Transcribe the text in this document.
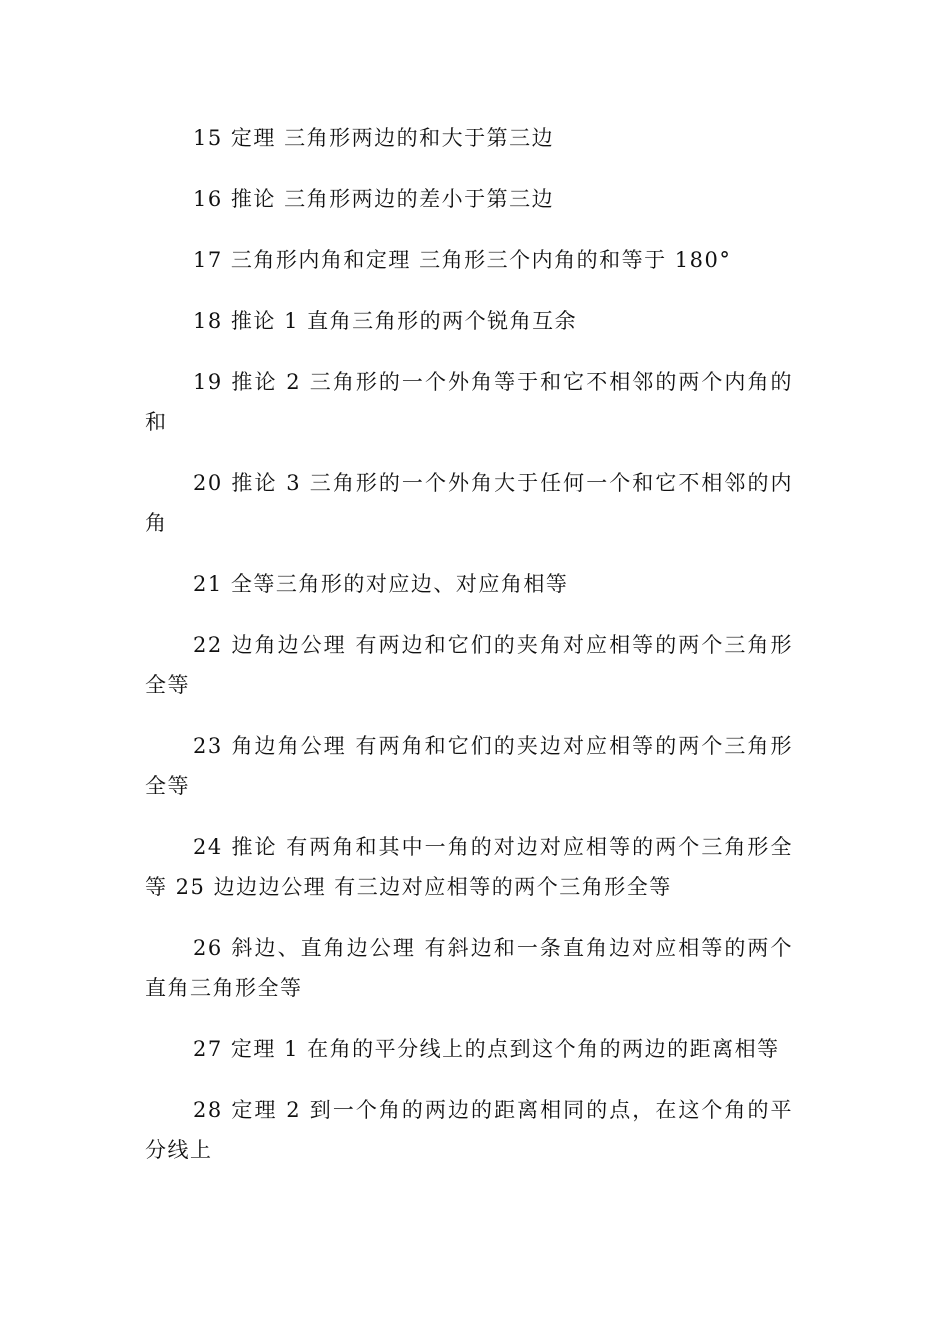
15 定理 三角形两边的和大于第三边

16 推论 三角形两边的差小于第三边

17 三角形内角和定理 三角形三个内角的和等于 180°

18 推论 1 直角三角形的两个锐角互余

19 推论 2 三角形的一个外角等于和它不相邻的两个内角的和

20 推论 3 三角形的一个外角大于任何一个和它不相邻的内角

21 全等三角形的对应边、对应角相等

22 边角边公理 有两边和它们的夹角对应相等的两个三角形全等

23 角边角公理 有两角和它们的夹边对应相等的两个三角形全等

24 推论 有两角和其中一角的对边对应相等的两个三角形全等 25 边边边公理 有三边对应相等的两个三角形全等

26 斜边、直角边公理 有斜边和一条直角边对应相等的两个直角三角形全等

27 定理 1 在角的平分线上的点到这个角的两边的距离相等

28 定理 2 到一个角的两边的距离相同的点，在这个角的平分线上
